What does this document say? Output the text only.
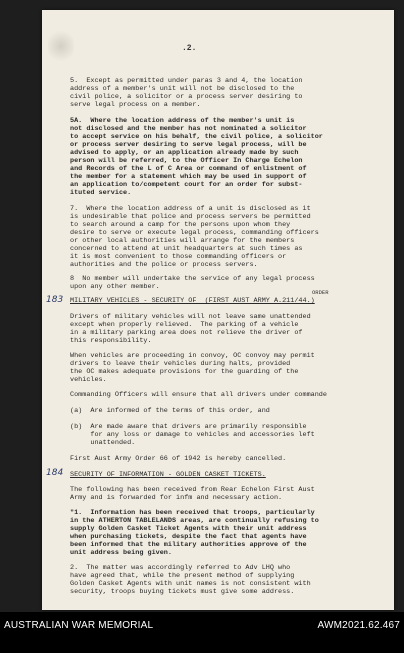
.2.
ORDER
183
184
5.  Except as permitted under paras 3 and 4, the location
address of a member's unit will not be disclosed to the
civil police, a solicitor or a process server desiring to
serve legal process on a member.
5A.  Where the location address of the member's unit is
not disclosed and the member has not nominated a solicitor
to accept service on his behalf, the civil police, a solicitor
or process server desiring to serve legal process, will be
advised to apply, or an application already made by such
person will be referred, to the Officer In Charge Echelon
and Records of the L of C Area or command of enlistment of
the member for a statement which may be used in support of
an application to/competent court for an order for subst-
ituted service.
7.  Where the location address of a unit is disclosed as it
is undesirable that police and process servers be permitted
to search around a camp for the persons upon whom they
desire to serve or execute legal process, commanding officers
or other local authorities will arrange for the members
concerned to attend at unit headquarters at such times as
it is most convenient to those commanding officers or
authorities and the police or process servers.
8  No member will undertake the service of any legal process
upon any other member.
MILITARY VEHICLES - SECURITY OF  (FIRST AUST ARMY A.211/44.)
Drivers of military vehicles will not leave same unattended
except when properly relieved.  The parking of a vehicle
in a military parking area does not relieve the driver of
this responsibility.
When vehicles are proceeding in convoy, OC convoy may permit
drivers to leave their vehicles during halts, provided
the OC makes adequate provisions for the guarding of the
vehicles.
Commanding Officers will ensure that all drivers under commande
(a)  Are informed of the terms of this order, and
(b)  Are made aware that drivers are primarily responsible
for any loss or damage to vehicles and accessories left
unattended.
First Aust Army Order 66 of 1942 is hereby cancelled.
SECURITY OF INFORMATION - GOLDEN CASKET TICKETS.
The following has been received from Rear Echelon First Aust
Army and is forwarded for infm and necessary action.
"1.  Information has been received that troops, particularly
in the ATHERTON TABLELANDS areas, are continually refusing to
supply Golden Casket Ticket Agents with their unit address
when purchasing tickets, despite the fact that agents have
been informed that the military authorities approve of the
unit address being given.
2.  The matter was accordingly referred to Adv LHQ who
have agreed that, while the present method of supplying
Golden Casket Agents with unit names is not consistent with
security, troops buying tickets must give some address.
AUSTRALIAN WAR MEMORIAL	AWM2021.62.467
